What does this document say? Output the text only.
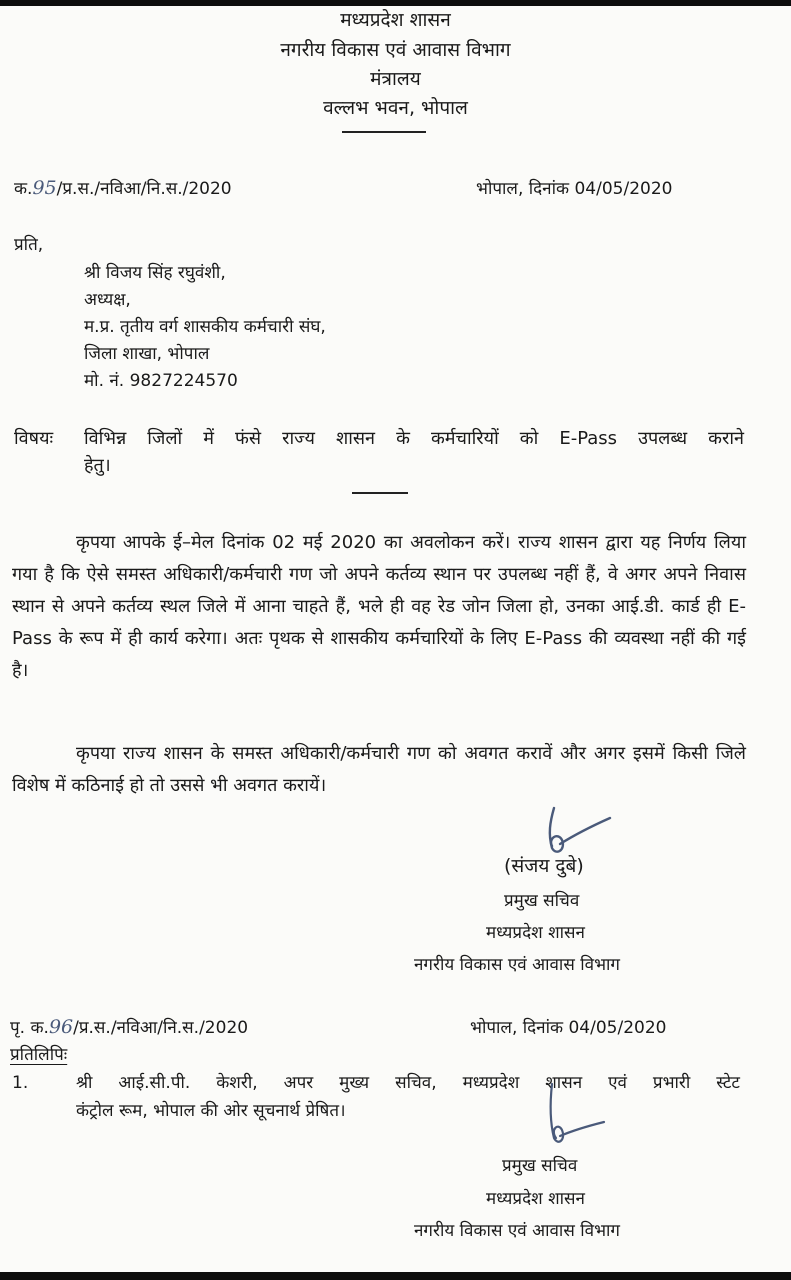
मध्यप्रदेश शासन
नगरीय विकास एवं आवास विभाग
मंत्रालय
वल्लभ भवन, भोपाल
क.95/प्र.स./नविआ/नि.स./2020	भोपाल, दिनांक 04/05/2020
प्रति,
श्री विजय सिंह रघुवंशी,
अध्यक्ष,
म.प्र. तृतीय वर्ग शासकीय कर्मचारी संघ,
जिला शाखा, भोपाल
मो. नं. 9827224570
विषयः विभिन्न जिलों में फंसे राज्य शासन के कर्मचारियों को E-Pass उपलब्ध कराने
हेतु।
कृपया आपके ई–मेल दिनांक 02 मई 2020 का अवलोकन करें। राज्य शासन द्वारा यह निर्णय लिया गया है कि ऐसे समस्त अधिकारी/कर्मचारी गण जो अपने कर्तव्य स्थान पर उपलब्ध नहीं हैं, वे अगर अपने निवास स्थान से अपने कर्तव्य स्थल जिले में आना चाहते हैं, भले ही वह रेड जोन जिला हो, उनका आई.डी. कार्ड ही E-Pass के रूप में ही कार्य करेगा। अतः पृथक से शासकीय कर्मचारियों के लिए E-Pass की व्यवस्था नहीं की गई है।
कृपया राज्य शासन के समस्त अधिकारी/कर्मचारी गण को अवगत करावें और अगर इसमें किसी जिले विशेष में कठिनाई हो तो उससे भी अवगत करायें।
(संजय दुबे)
प्रमुख सचिव
मध्यप्रदेश शासन
नगरीय विकास एवं आवास विभाग
पृ. क.96/प्र.स./नविआ/नि.स./2020	भोपाल, दिनांक 04/05/2020
प्रतिलिपिः
1.	श्री आई.सी.पी. केशरी, अपर मुख्य सचिव, मध्यप्रदेश शासन एवं प्रभारी स्टेट
कंट्रोल रूम, भोपाल की ओर सूचनार्थ प्रेषित।
प्रमुख सचिव
मध्यप्रदेश शासन
नगरीय विकास एवं आवास विभाग
